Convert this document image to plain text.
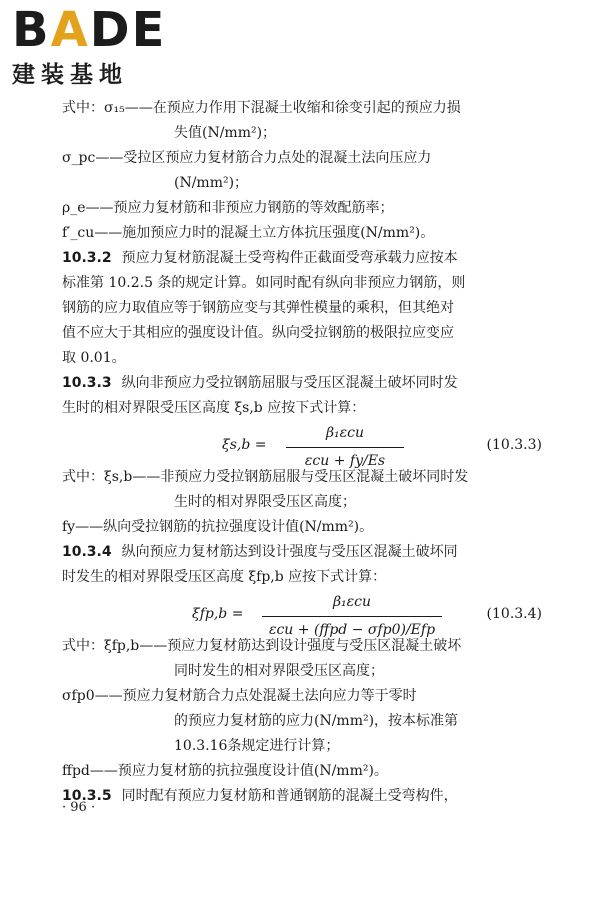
BADE
建装基地
式中：σ₁₅——在预应力作用下混凝土收缩和徐变引起的预应力损
失值(N/mm²)；
σ_pc——受拉区预应力复材筋合力点处的混凝土法向压应力
(N/mm²)；
ρ_e——预应力复材筋和非预应力钢筋的等效配筋率；
f′_cu——施加预应力时的混凝土立方体抗压强度(N/mm²)。
10.3.2 预应力复材筋混凝土受弯构件正截面受弯承载力应按本
标准第 10.2.5 条的规定计算。如同时配有纵向非预应力钢筋，则
钢筋的应力取值应等于钢筋应变与其弹性模量的乘积，但其绝对
值不应大于其相应的强度设计值。纵向受拉钢筋的极限拉应变应
取 0.01。
10.3.3 纵向非预应力受拉钢筋屈服与受压区混凝土破坏同时发
生时的相对界限受压区高度 ξs,b 应按下式计算：
ξs,b =
β₁εcu
εcu + fy/Es
(10.3.3)
式中：ξs,b——非预应力受拉钢筋屈服与受压区混凝土破坏同时发
生时的相对界限受压区高度；
fy——纵向受拉钢筋的抗拉强度设计值(N/mm²)。
10.3.4 纵向预应力复材筋达到设计强度与受压区混凝土破坏同
时发生的相对界限受压区高度 ξfp,b 应按下式计算：
ξfp,b =
β₁εcu
εcu + (ffpd − σfp0)/Efp
(10.3.4)
式中：ξfp,b——预应力复材筋达到设计强度与受压区混凝土破坏
同时发生的相对界限受压区高度；
σfp0——预应力复材筋合力点处混凝土法向应力等于零时
的预应力复材筋的应力(N/mm²)，按本标准第
10.3.16条规定进行计算；
ffpd——预应力复材筋的抗拉强度设计值(N/mm²)。
10.3.5 同时配有预应力复材筋和普通钢筋的混凝土受弯构件，
· 96 ·
